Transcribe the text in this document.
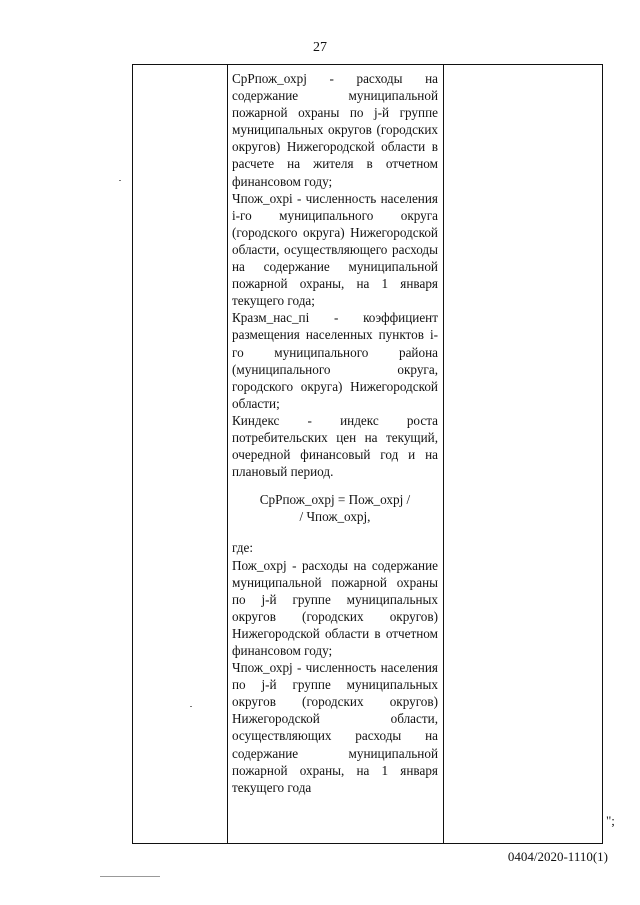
27

СрРпож_охрj - расходы на содержание муниципальной пожарной охраны по j-й группе муниципальных округов (городских округов) Нижегородской области в расчете на жителя в отчетном финансовом году;

Чпож_охрi - численность населения i-го муниципального округа (городского округа) Нижегородской области, осуществляющего расходы на содержание муниципальной пожарной охраны, на 1 января текущего года;

Кразм_нас_пi - коэффициент размещения населенных пунктов i-го муниципального района (муниципального округа, городского округа) Нижегородской области;

Киндекс - индекс роста потребительских цен на текущий, очередной финансовый год и на плановый период.

СрРпож_охрj = Пож_охрj /

/ Чпож_охрj,

где:

Пож_охрj - расходы на содержание муниципальной пожарной охраны по j-й группе муниципальных округов (городских округов) Нижегородской области в отчетном финансовом году;

Чпож_охрj - численность населения по j-й группе муниципальных округов (городских округов) Нижегородской области, осуществляющих расходы на содержание муниципальной пожарной охраны, на 1 января текущего года

";
0404/2020-1110(1)
